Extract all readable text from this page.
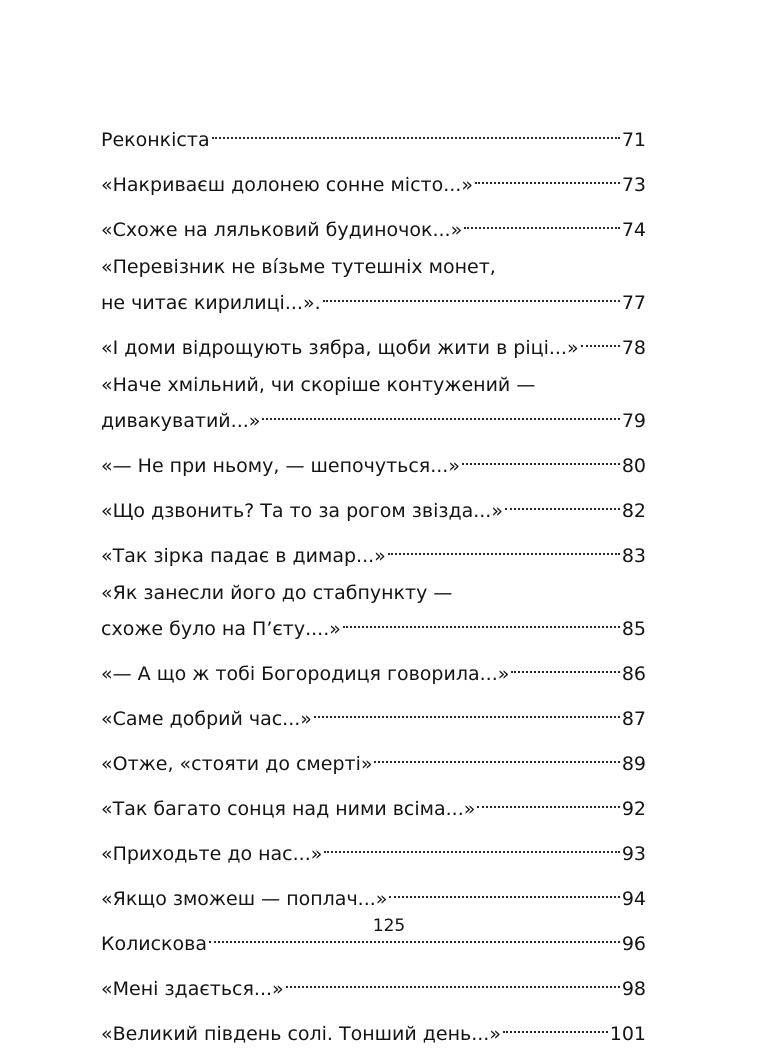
Реконкіста	71
«Накриваєш долонею сонне місто...»	73
«Схоже на ляльковий будиночок...»	74
«Перевізник не ві́зьме тутешніх монет,
не читає кирилиці...».	77
«І доми відрощують зябра, щоби жити в ріці...» 78
«Наче хмільний, чи скоріше контужений —
дивакуватий...»	79
«— Не при ньому, — шепочуться...»	80
«Що дзвонить? Та то за рогом звізда...»	82
«Так зірка падає в димар...»	83
«Як занесли його до стабпункту —
схоже було на П’єту....»	85
«— А що ж тобі Богородиця говорила...»	86
«Саме добрий час...»	87
«Отже, «стояти до смерті»	89
«Так багато сонця над ними всіма...»	92
«Приходьте до нас...»	93
«Якщо зможеш — поплач...»	94
Колискова	96
«Мені здається...»	98
«Великий південь солі. Тонший день...»	101
125
